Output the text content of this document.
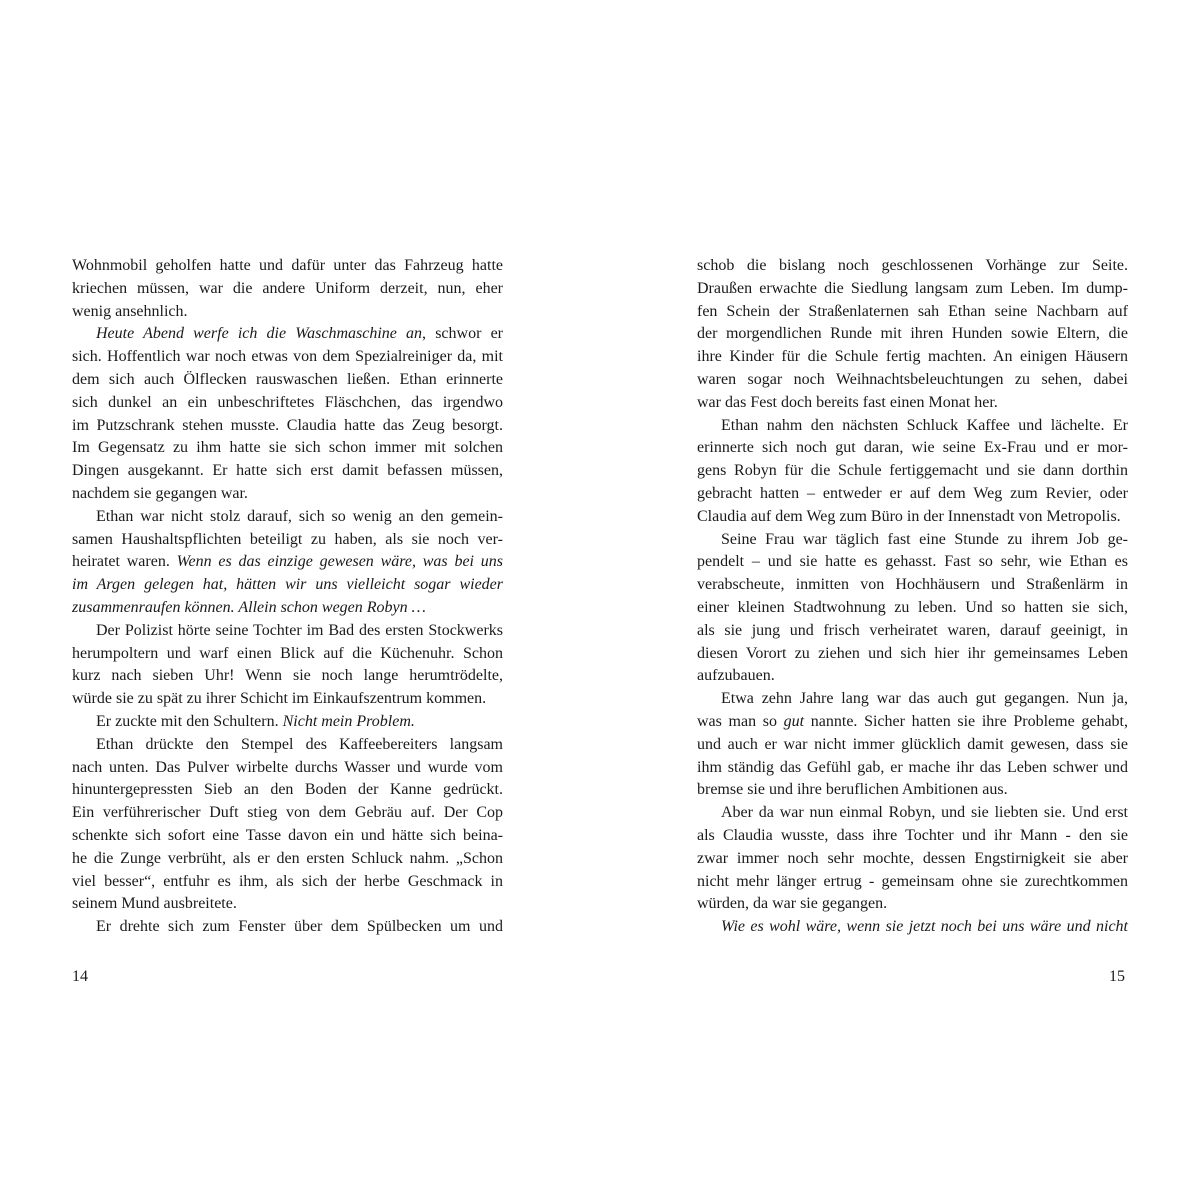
Wohnmobil geholfen hatte und dafür unter das Fahrzeug hatte
kriechen müssen, war die andere Uniform derzeit, nun, eher
wenig ansehnlich.
Heute Abend werfe ich die Waschmaschine an, schwor er
sich. Hoffentlich war noch etwas von dem Spezialreiniger da, mit
dem sich auch Ölflecken rauswaschen ließen. Ethan erinnerte
sich dunkel an ein unbeschriftetes Fläschchen, das irgendwo
im Putzschrank stehen musste. Claudia hatte das Zeug besorgt.
Im Gegensatz zu ihm hatte sie sich schon immer mit solchen
Dingen ausgekannt. Er hatte sich erst damit befassen müssen,
nachdem sie gegangen war.
Ethan war nicht stolz darauf, sich so wenig an den gemein-
samen Haushaltspflichten beteiligt zu haben, als sie noch ver-
heiratet waren. Wenn es das einzige gewesen wäre, was bei uns
im Argen gelegen hat, hätten wir uns vielleicht sogar wieder
zusammenraufen können. Allein schon wegen Robyn …
Der Polizist hörte seine Tochter im Bad des ersten Stockwerks
herumpoltern und warf einen Blick auf die Küchenuhr. Schon
kurz nach sieben Uhr! Wenn sie noch lange herumtrödelte,
würde sie zu spät zu ihrer Schicht im Einkaufszentrum kommen.
Er zuckte mit den Schultern. Nicht mein Problem.
Ethan drückte den Stempel des Kaffeebereiters langsam
nach unten. Das Pulver wirbelte durchs Wasser und wurde vom
hinuntergepressten Sieb an den Boden der Kanne gedrückt.
Ein verführerischer Duft stieg von dem Gebräu auf. Der Cop
schenkte sich sofort eine Tasse davon ein und hätte sich beina-
he die Zunge verbrüht, als er den ersten Schluck nahm. „Schon
viel besser“, entfuhr es ihm, als sich der herbe Geschmack in
seinem Mund ausbreitete.
Er drehte sich zum Fenster über dem Spülbecken um und
14
schob die bislang noch geschlossenen Vorhänge zur Seite.
Draußen erwachte die Siedlung langsam zum Leben. Im dump-
fen Schein der Straßenlaternen sah Ethan seine Nachbarn auf
der morgendlichen Runde mit ihren Hunden sowie Eltern, die
ihre Kinder für die Schule fertig machten. An einigen Häusern
waren sogar noch Weihnachtsbeleuchtungen zu sehen, dabei
war das Fest doch bereits fast einen Monat her.
Ethan nahm den nächsten Schluck Kaffee und lächelte. Er
erinnerte sich noch gut daran, wie seine Ex-Frau und er mor-
gens Robyn für die Schule fertiggemacht und sie dann dorthin
gebracht hatten – entweder er auf dem Weg zum Revier, oder
Claudia auf dem Weg zum Büro in der Innenstadt von Metropolis.
Seine Frau war täglich fast eine Stunde zu ihrem Job ge-
pendelt – und sie hatte es gehasst. Fast so sehr, wie Ethan es
verabscheute, inmitten von Hochhäusern und Straßenlärm in
einer kleinen Stadtwohnung zu leben. Und so hatten sie sich,
als sie jung und frisch verheiratet waren, darauf geeinigt, in
diesen Vorort zu ziehen und sich hier ihr gemeinsames Leben
aufzubauen.
Etwa zehn Jahre lang war das auch gut gegangen. Nun ja,
was man so gut nannte. Sicher hatten sie ihre Probleme gehabt,
und auch er war nicht immer glücklich damit gewesen, dass sie
ihm ständig das Gefühl gab, er mache ihr das Leben schwer und
bremse sie und ihre beruflichen Ambitionen aus.
Aber da war nun einmal Robyn, und sie liebten sie. Und erst
als Claudia wusste, dass ihre Tochter und ihr Mann - den sie
zwar immer noch sehr mochte, dessen Engstirnigkeit sie aber
nicht mehr länger ertrug - gemeinsam ohne sie zurechtkommen
würden, da war sie gegangen.
Wie es wohl wäre, wenn sie jetzt noch bei uns wäre und nicht
15
